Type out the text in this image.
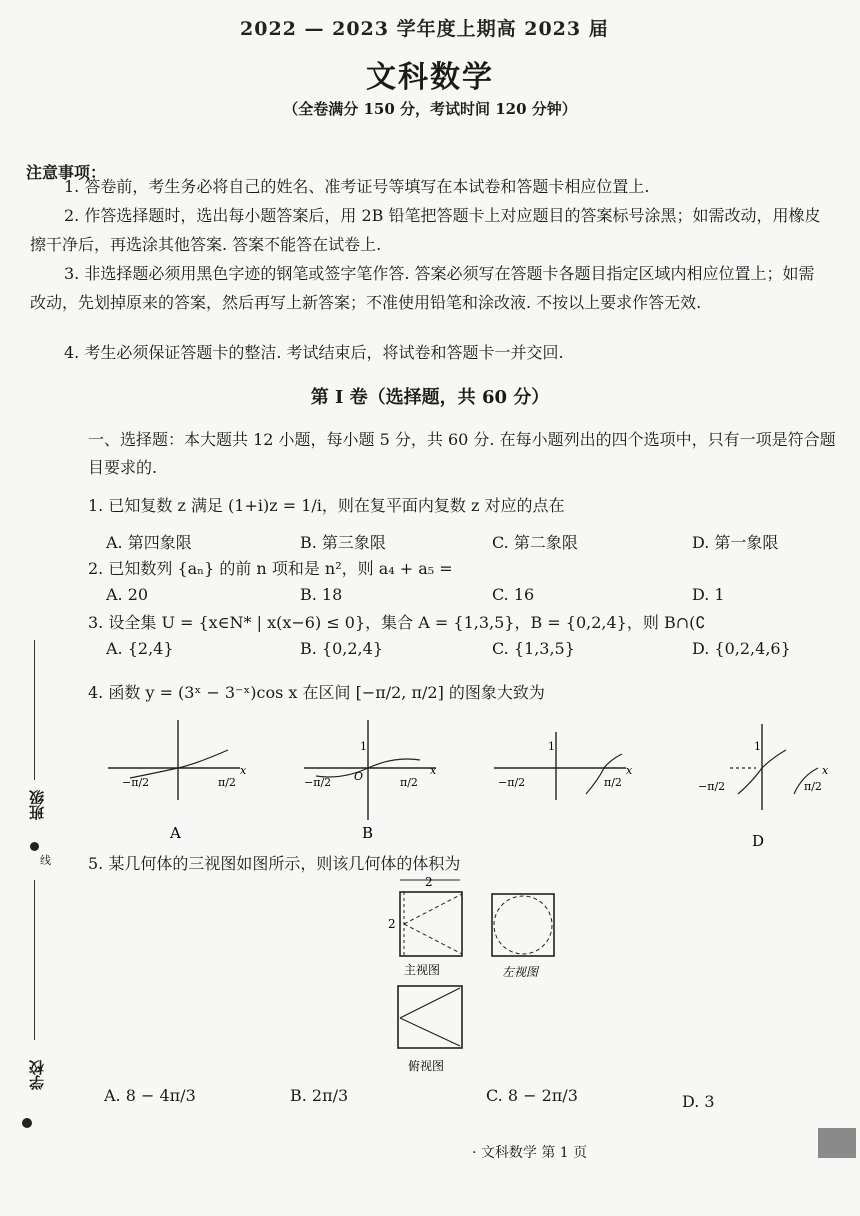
2022 — 2023 学年度上期高 2023 届
文科数学
（全卷满分 150 分，考试时间 120 分钟）
注意事项：
1. 答卷前，考生务必将自己的姓名、准考证号等填写在本试卷和答题卡相应位置上.
2. 作答选择题时，选出每小题答案后，用 2B 铅笔把答题卡上对应题目的答案标号涂黑；如需改动，用橡皮擦干净后，再选涂其他答案. 答案不能答在试卷上.
3. 非选择题必须用黑色字迹的钢笔或签字笔作答. 答案必须写在答题卡各题目指定区域内相应位置上；如需改动，先划掉原来的答案，然后再写上新答案；不准使用铅笔和涂改液. 不按以上要求作答无效.
4. 考生必须保证答题卡的整洁. 考试结束后，将试卷和答题卡一并交回.
第 Ⅰ 卷（选择题，共 60 分）
一、选择题：本大题共 12 小题，每小题 5 分，共 60 分. 在每小题列出的四个选项中，只有一项是符合题目要求的.
1. 已知复数 z 满足 (1+i)z = 1/i，则在复平面内复数 z 对应的点在
A. 第四象限	B. 第三象限	C. 第二象限	D. 第一象限
2. 已知数列 {aₙ} 的前 n 项和是 n²，则 a₄ + a₅ =
A. 20	B. 18	C. 16	D. 1
3. 设全集 U = {x∈N* | x(x−6) ≤ 0}，集合 A = {1,3,5}，B = {0,2,4}，则 B∩(∁
A. {2,4}	B. {0,2,4}	C. {1,3,5}	D. {0,2,4,6}
4. 函数 y = (3ˣ − 3⁻ˣ)cos x 在区间 [−π/2, π/2] 的图象大致为
−π/2	π/2
x
A
1
O
−π/2	π/2
x
B
1
−π/2	π/2
x
1
−π/2	π/2
x
D
5. 某几何体的三视图如图所示，则该几何体的体积为
2
2
主视图	左视图
俯视图
A. 8 − 4π/3	B. 2π/3	C. 8 − 2π/3	D. 3
班级
线
学校
· 文科数学 第 1 页
